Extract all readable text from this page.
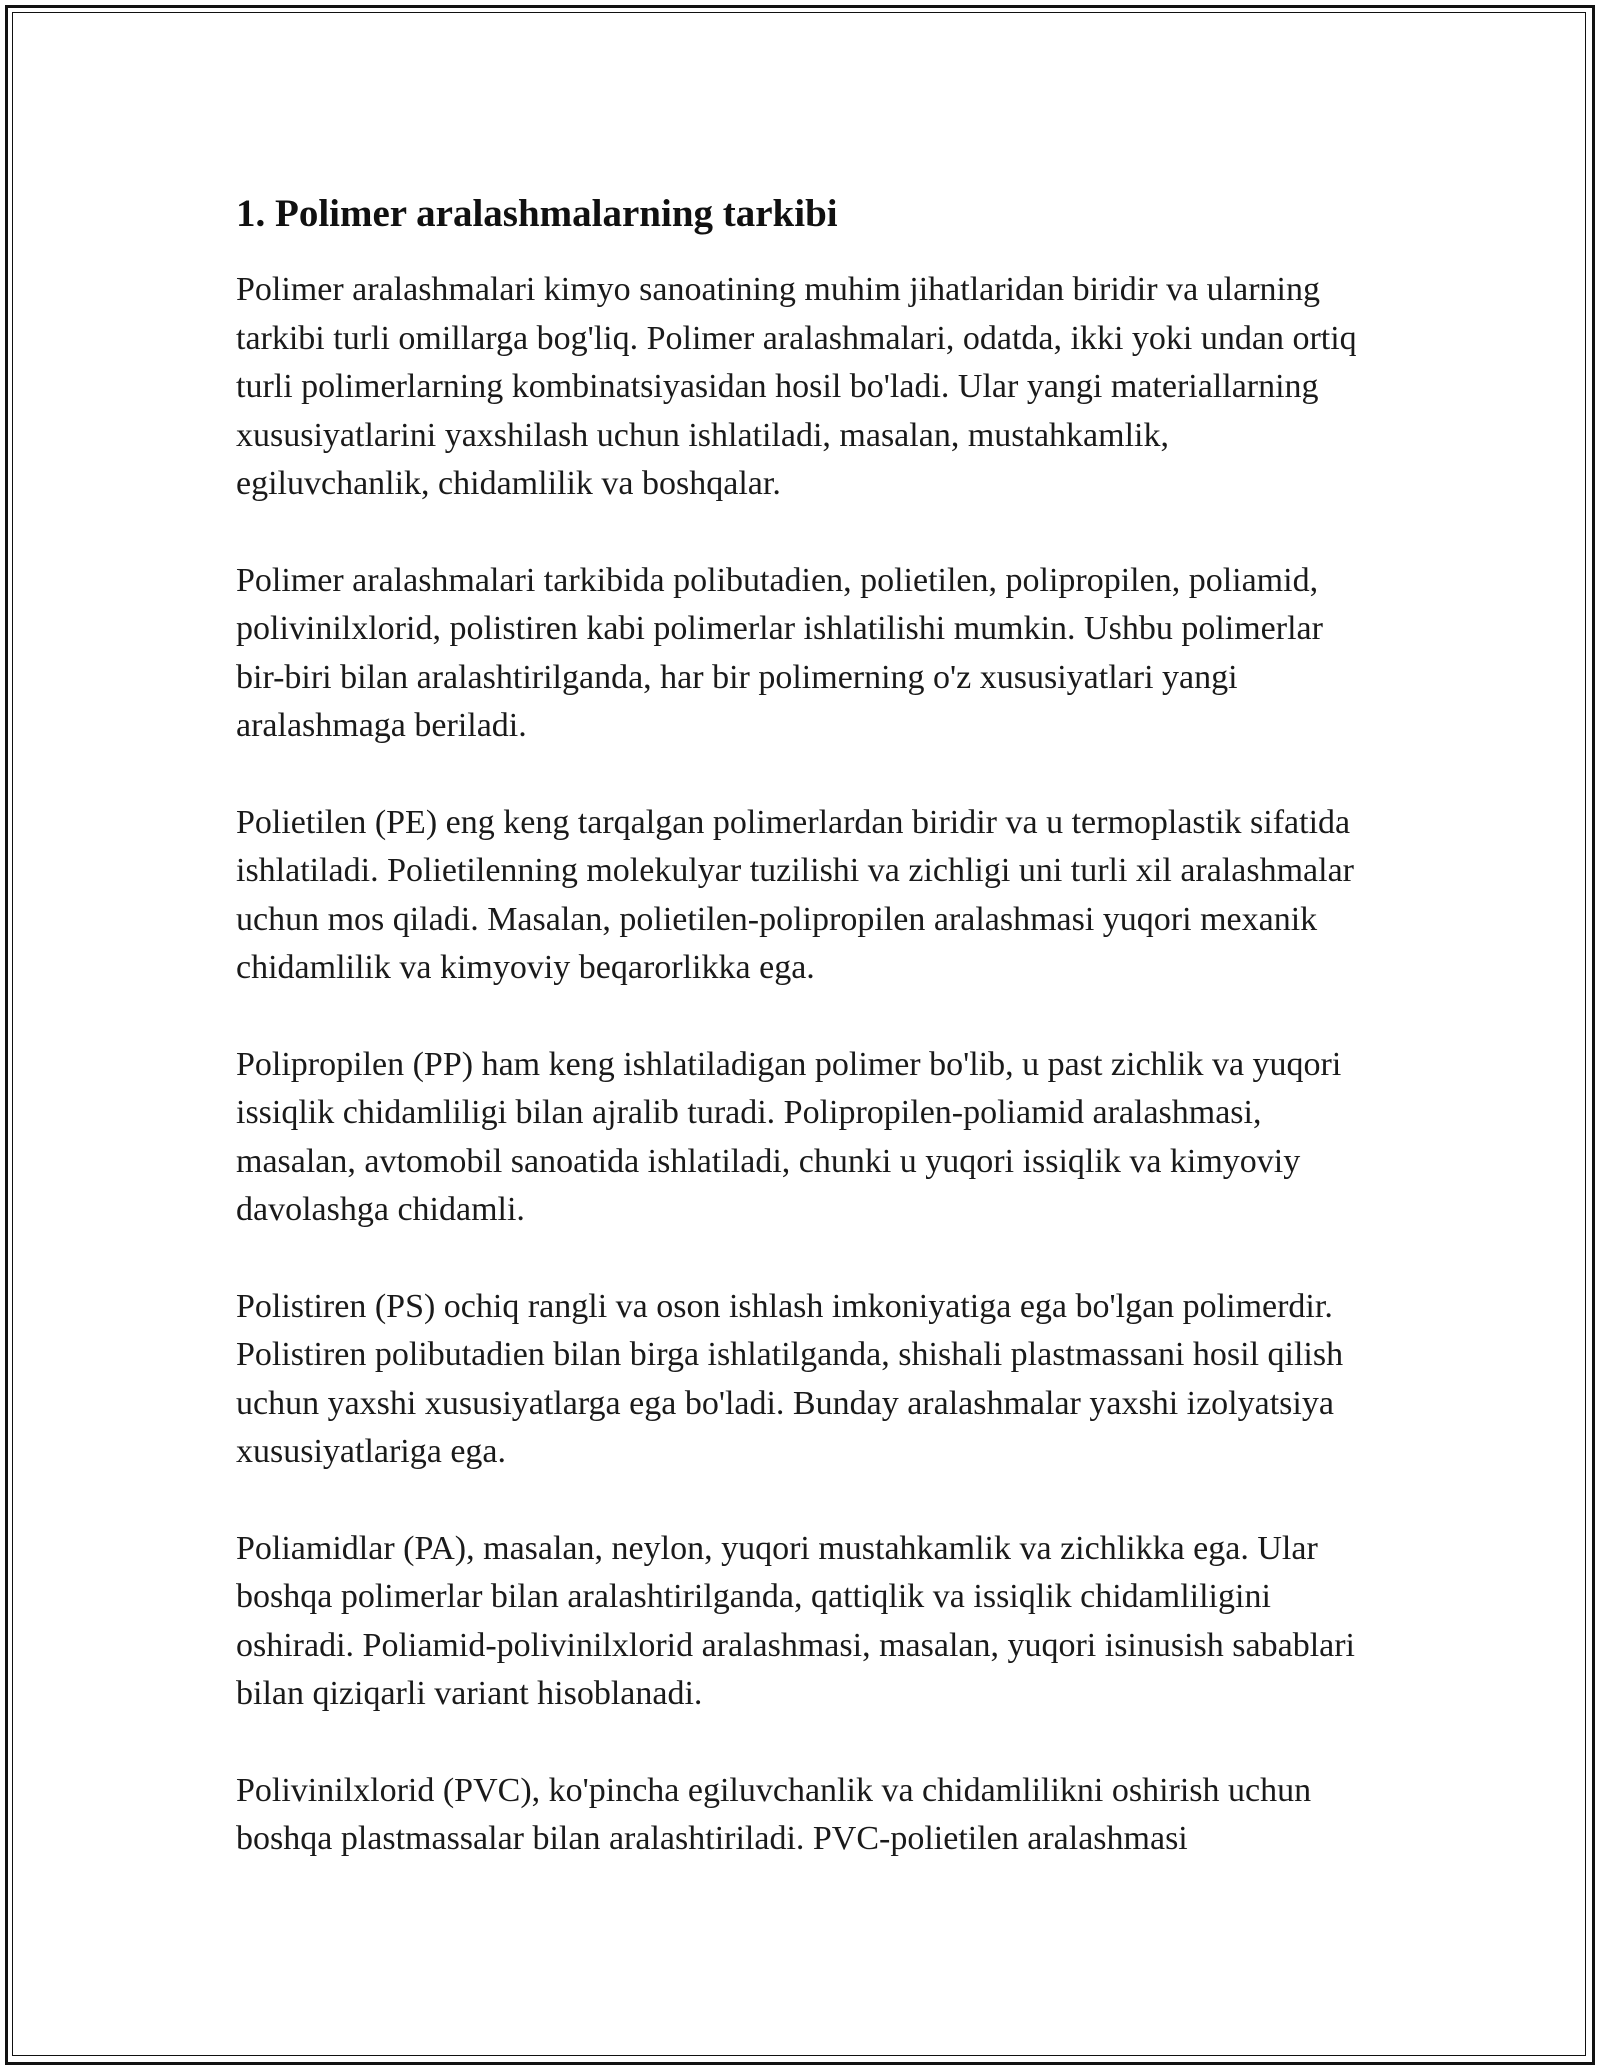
1. Polimer aralashmalarning tarkibi

Polimer aralashmalari kimyo sanoatining muhim jihatlaridan biridir va ularning tarkibi turli omillarga bog'liq. Polimer aralashmalari, odatda, ikki yoki undan ortiq turli polimerlarning kombinatsiyasidan hosil bo'ladi. Ular yangi materiallarning xususiyatlarini yaxshilash uchun ishlatiladi, masalan, mustahkamlik, egiluvchanlik, chidamlilik va boshqalar.

Polimer aralashmalari tarkibida polibutadien, polietilen, polipropilen, poliamid, polivinilxlorid, polistiren kabi polimerlar ishlatilishi mumkin. Ushbu polimerlar bir-biri bilan aralashtirilganda, har bir polimerning o'z xususiyatlari yangi aralashmaga beriladi.

Polietilen (PE) eng keng tarqalgan polimerlardan biridir va u termoplastik sifatida ishlatiladi. Polietilenning molekulyar tuzilishi va zichligi uni turli xil aralashmalar uchun mos qiladi. Masalan, polietilen-polipropilen aralashmasi yuqori mexanik chidamlilik va kimyoviy beqarorlikka ega.

Polipropilen (PP) ham keng ishlatiladigan polimer bo'lib, u past zichlik va yuqori issiqlik chidamliligi bilan ajralib turadi. Polipropilen-poliamid aralashmasi, masalan, avtomobil sanoatida ishlatiladi, chunki u yuqori issiqlik va kimyoviy davolashga chidamli.

Polistiren (PS) ochiq rangli va oson ishlash imkoniyatiga ega bo'lgan polimerdir. Polistiren polibutadien bilan birga ishlatilganda, shishali plastmassani hosil qilish uchun yaxshi xususiyatlarga ega bo'ladi. Bunday aralashmalar yaxshi izolyatsiya xususiyatlariga ega.

Poliamidlar (PA), masalan, neylon, yuqori mustahkamlik va zichlikka ega. Ular boshqa polimerlar bilan aralashtirilganda, qattiqlik va issiqlik chidamliligini oshiradi. Poliamid-polivinilxlorid aralashmasi, masalan, yuqori isinusish sabablari bilan qiziqarli variant hisoblanadi.

Polivinilxlorid (PVC), ko'pincha egiluvchanlik va chidamlilikni oshirish uchun boshqa plastmassalar bilan aralashtiriladi. PVC-polietilen aralashmasi
